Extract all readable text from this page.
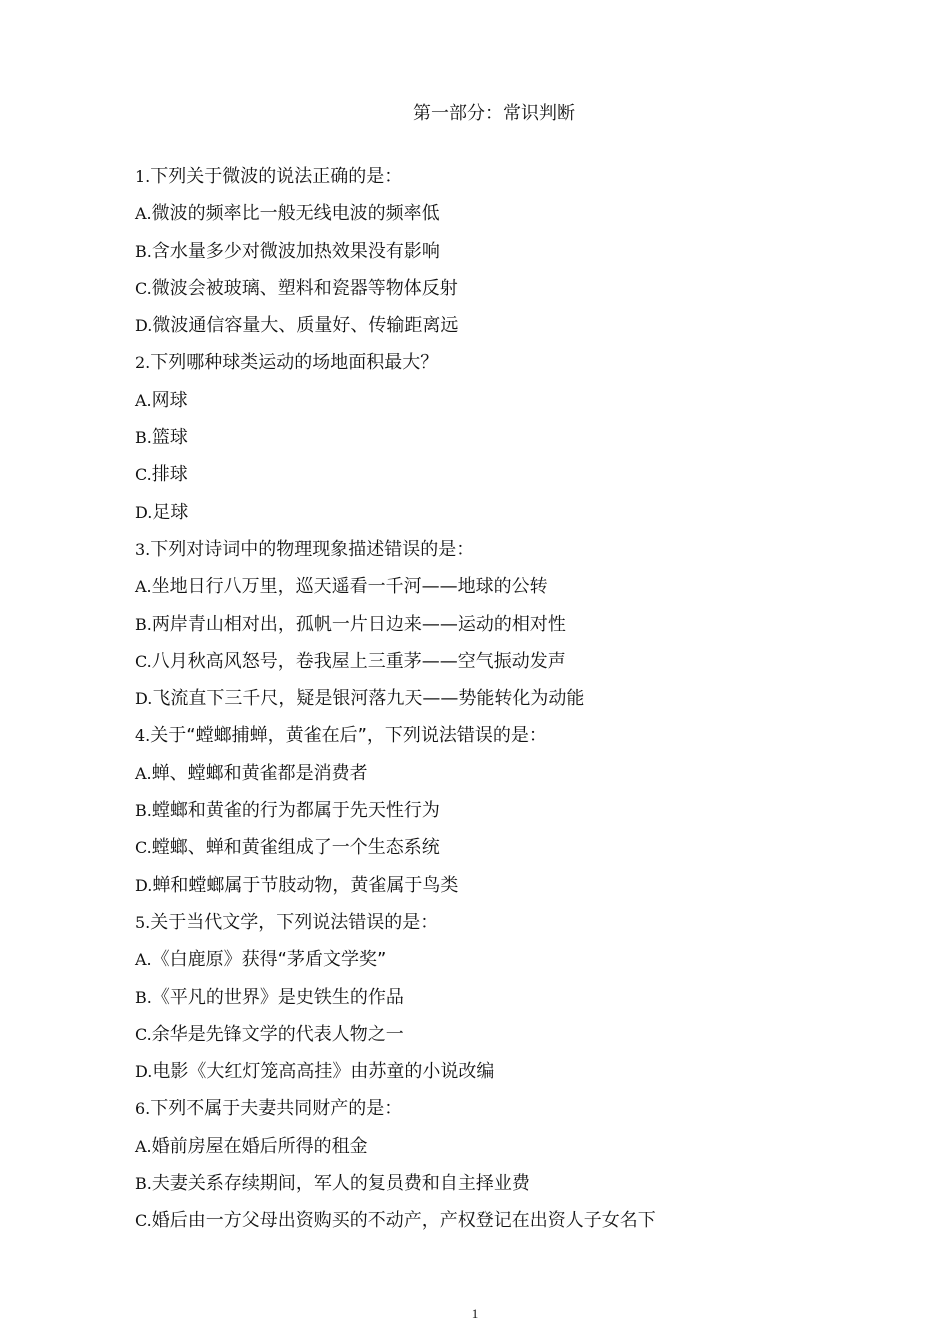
第一部分：常识判断
1.下列关于微波的说法正确的是：
A.微波的频率比一般无线电波的频率低
B.含水量多少对微波加热效果没有影响
C.微波会被玻璃、塑料和瓷器等物体反射
D.微波通信容量大、质量好、传输距离远
2.下列哪种球类运动的场地面积最大？
A.网球
B.篮球
C.排球
D.足球
3.下列对诗词中的物理现象描述错误的是：
A.坐地日行八万里，巡天遥看一千河——地球的公转
B.两岸青山相对出，孤帆一片日边来——运动的相对性
C.八月秋高风怒号，卷我屋上三重茅——空气振动发声
D.飞流直下三千尺，疑是银河落九天——势能转化为动能
4.关于“螳螂捕蝉，黄雀在后”，下列说法错误的是：
A.蝉、螳螂和黄雀都是消费者
B.螳螂和黄雀的行为都属于先天性行为
C.螳螂、蝉和黄雀组成了一个生态系统
D.蝉和螳螂属于节肢动物，黄雀属于鸟类
5.关于当代文学，下列说法错误的是：
A.《白鹿原》获得“茅盾文学奖”
B.《平凡的世界》是史铁生的作品
C.余华是先锋文学的代表人物之一
D.电影《大红灯笼高高挂》由苏童的小说改编
6.下列不属于夫妻共同财产的是：
A.婚前房屋在婚后所得的租金
B.夫妻关系存续期间，军人的复员费和自主择业费
C.婚后由一方父母出资购买的不动产，产权登记在出资人子女名下
1
